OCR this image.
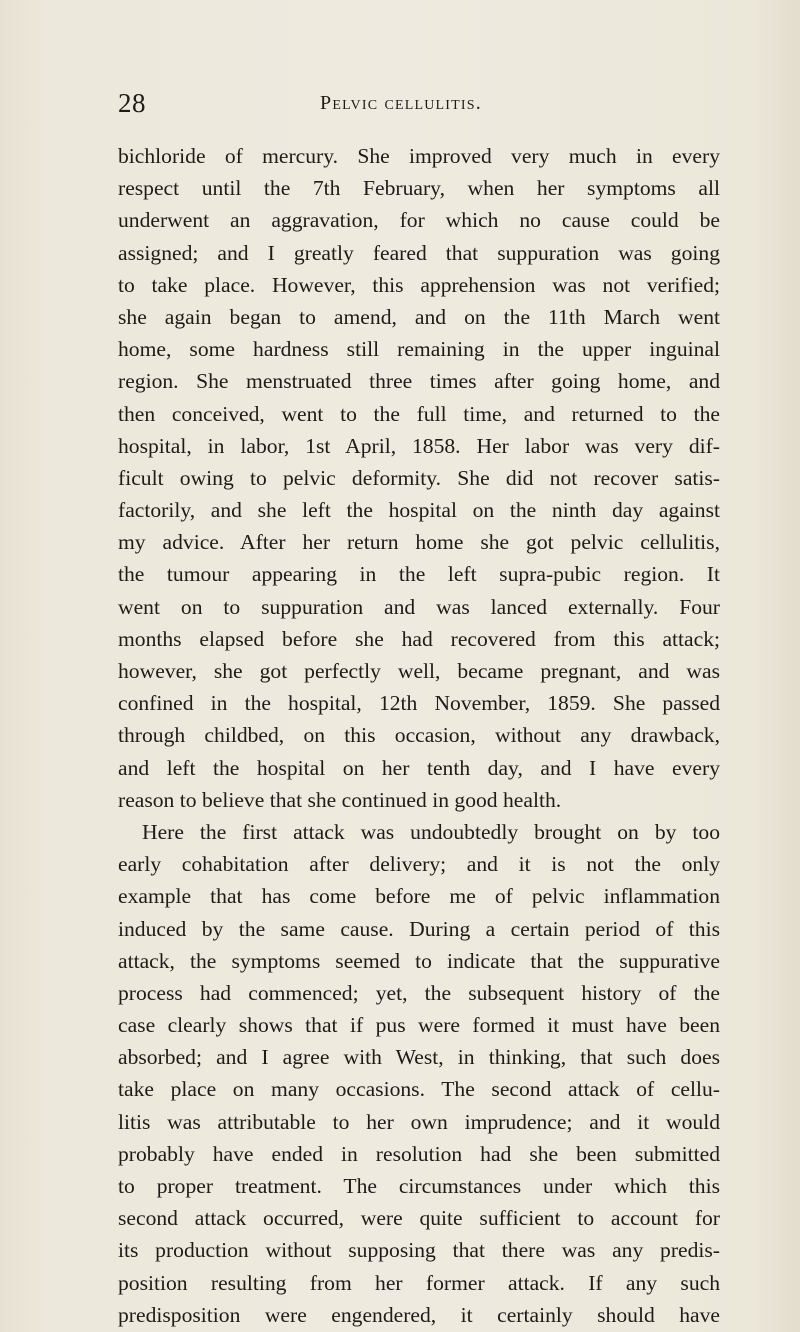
28	pelvic cellulitis.
bichloride of mercury. She improved very much in every
respect until the 7th February, when her symptoms all
underwent an aggravation, for which no cause could be
assigned; and I greatly feared that suppuration was going
to take place. However, this apprehension was not verified;
she again began to amend, and on the 11th March went
home, some hardness still remaining in the upper inguinal
region. She menstruated three times after going home, and
then conceived, went to the full time, and returned to the
hospital, in labor, 1st April, 1858. Her labor was very dif-
ficult owing to pelvic deformity. She did not recover satis-
factorily, and she left the hospital on the ninth day against
my advice. After her return home she got pelvic cellulitis,
the tumour appearing in the left supra-pubic region. It
went on to suppuration and was lanced externally. Four
months elapsed before she had recovered from this attack;
however, she got perfectly well, became pregnant, and was
confined in the hospital, 12th November, 1859. She passed
through childbed, on this occasion, without any drawback,
and left the hospital on her tenth day, and I have every
reason to believe that she continued in good health.
Here the first attack was undoubtedly brought on by too
early cohabitation after delivery; and it is not the only
example that has come before me of pelvic inflammation
induced by the same cause. During a certain period of this
attack, the symptoms seemed to indicate that the suppurative
process had commenced; yet, the subsequent history of the
case clearly shows that if pus were formed it must have been
absorbed; and I agree with West, in thinking, that such does
take place on many occasions. The second attack of cellu-
litis was attributable to her own imprudence; and it would
probably have ended in resolution had she been submitted
to proper treatment. The circumstances under which this
second attack occurred, were quite sufficient to account for
its production without supposing that there was any predis-
position resulting from her former attack. If any such
predisposition were engendered, it certainly should have
